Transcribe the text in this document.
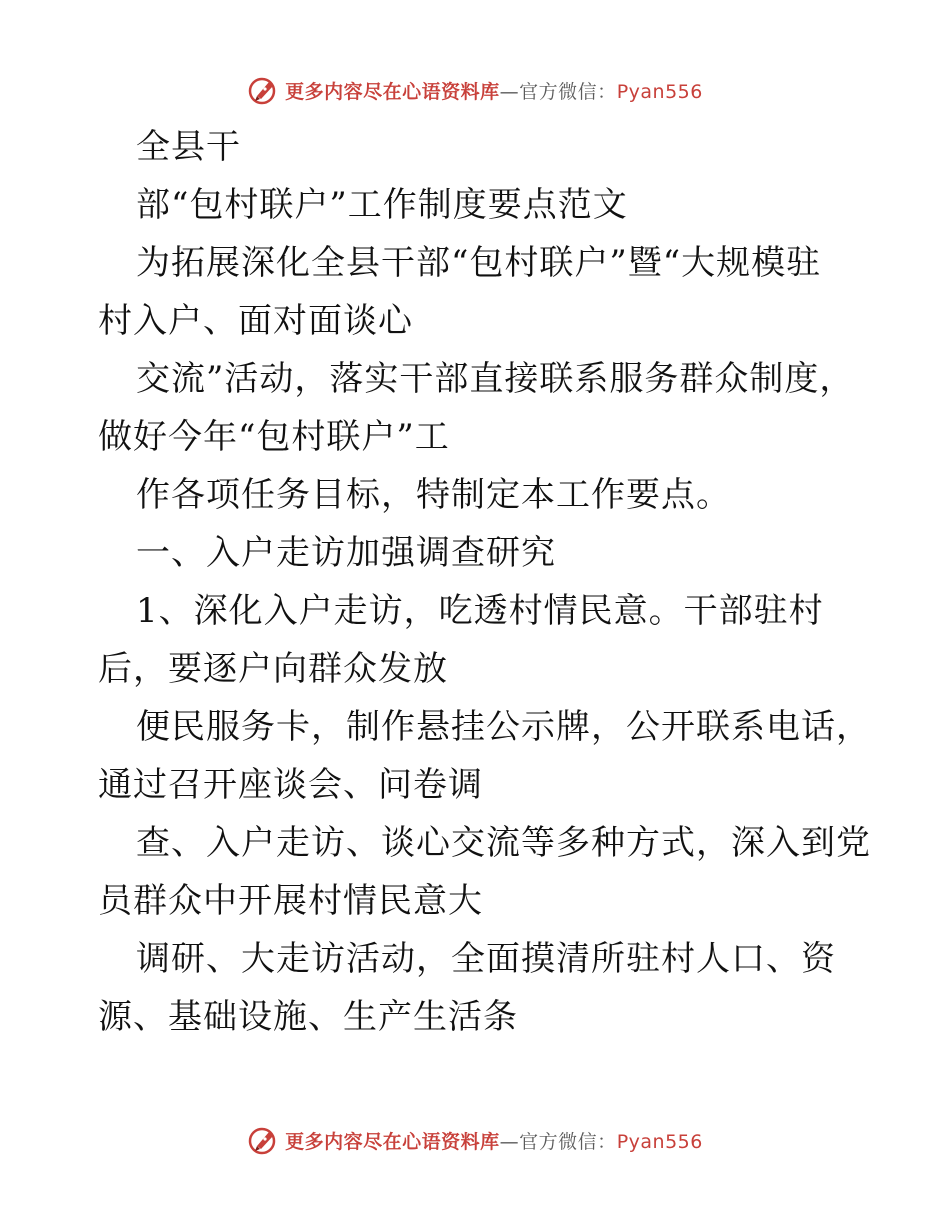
更多内容尽在心语资料库—官方微信：Pyan556
全县干
部“包村联户”工作制度要点范文
为拓展深化全县干部“包村联户”暨“大规模驻
村入户、面对面谈心
交流”活动，落实干部直接联系服务群众制度，
做好今年“包村联户”工
作各项任务目标，特制定本工作要点。
一、入户走访加强调查研究
1、深化入户走访，吃透村情民意。干部驻村
后，要逐户向群众发放
便民服务卡，制作悬挂公示牌，公开联系电话，
通过召开座谈会、问卷调
查、入户走访、谈心交流等多种方式，深入到党
员群众中开展村情民意大
调研、大走访活动，全面摸清所驻村人口、资
源、基础设施、生产生活条
更多内容尽在心语资料库—官方微信：Pyan556
